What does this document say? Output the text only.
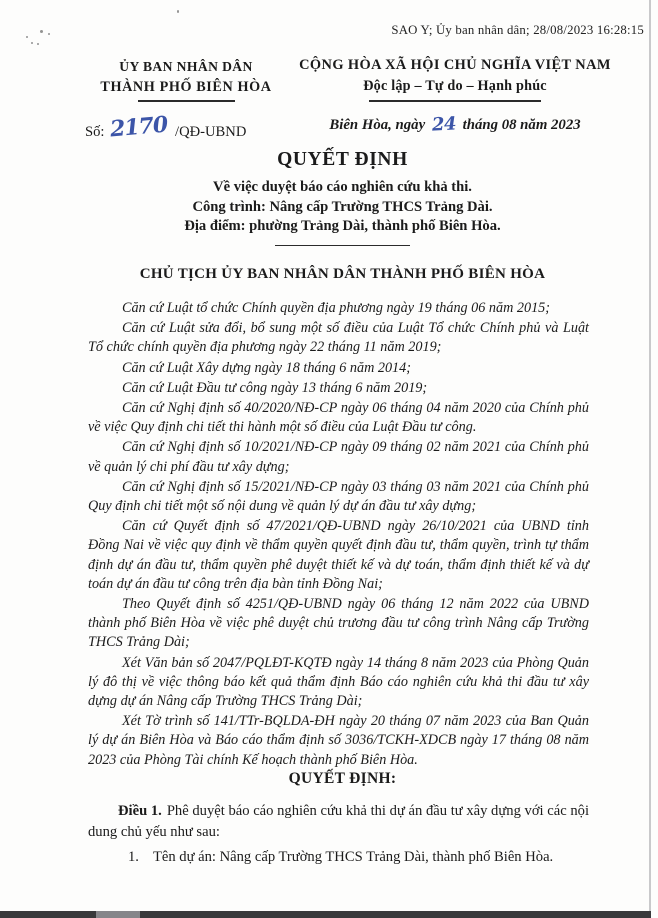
SAO Y; Ủy ban nhân dân; 28/08/2023 16:28:15
ỦY BAN NHÂN DÂN
THÀNH PHỐ BIÊN HÒA
CỘNG HÒA XÃ HỘI CHỦ NGHĨA VIỆT NAM
Độc lập – Tự do – Hạnh phúc
Số: 2170 /QĐ-UBND	Biên Hòa, ngày 24 tháng 08 năm 2023
QUYẾT ĐỊNH
Về việc duyệt báo cáo nghiên cứu khả thi.
Công trình: Nâng cấp Trường THCS Trảng Dài.
Địa điểm: phường Trảng Dài, thành phố Biên Hòa.
CHỦ TỊCH ỦY BAN NHÂN DÂN THÀNH PHỐ BIÊN HÒA

Căn cứ Luật tổ chức Chính quyền địa phương ngày 19 tháng 06 năm 2015;

Căn cứ Luật sửa đổi, bổ sung một số điều của Luật Tổ chức Chính phủ và Luật Tổ chức chính quyền địa phương ngày 22 tháng 11 năm 2019;

Căn cứ Luật Xây dựng ngày 18 tháng 6 năm 2014;

Căn cứ Luật Đầu tư công ngày 13 tháng 6 năm 2019;

Căn cứ Nghị định số 40/2020/NĐ-CP ngày 06 tháng 04 năm 2020 của Chính phủ về việc Quy định chi tiết thi hành một số điều của Luật Đầu tư công.

Căn cứ Nghị định số 10/2021/NĐ-CP ngày 09 tháng 02 năm 2021 của Chính phủ về quản lý chi phí đầu tư xây dựng;

Căn cứ Nghị định số 15/2021/NĐ-CP ngày 03 tháng 03 năm 2021 của Chính phủ Quy định chi tiết một số nội dung về quản lý dự án đầu tư xây dựng;

Căn cứ Quyết định số 47/2021/QĐ-UBND ngày 26/10/2021 của UBND tỉnh Đồng Nai về việc quy định về thẩm quyền quyết định đầu tư, thẩm quyền, trình tự thẩm định dự án đầu tư, thẩm quyền phê duyệt thiết kế và dự toán, thẩm định thiết kế và dự toán dự án đầu tư công trên địa bàn tỉnh Đồng Nai;

Theo Quyết định số 4251/QĐ-UBND ngày 06 tháng 12 năm 2022 của UBND thành phố Biên Hòa về việc phê duyệt chủ trương đầu tư công trình Nâng cấp Trường THCS Trảng Dài;

Xét Văn bản số 2047/PQLĐT-KQTĐ ngày 14 tháng 8 năm 2023 của Phòng Quản lý đô thị về việc thông báo kết quả thẩm định Báo cáo nghiên cứu khả thi đầu tư xây dựng dự án Nâng cấp Trường THCS Trảng Dài;

Xét Tờ trình số 141/TTr-BQLDA-ĐH ngày 20 tháng 07 năm 2023 của Ban Quản lý dự án Biên Hòa và Báo cáo thẩm định số 3036/TCKH-XDCB ngày 17 tháng 08 năm 2023 của Phòng Tài chính Kế hoạch thành phố Biên Hòa.

QUYẾT ĐỊNH:

Điều 1. Phê duyệt báo cáo nghiên cứu khả thi dự án đầu tư xây dựng với các nội dung chủ yếu như sau:

1. Tên dự án: Nâng cấp Trường THCS Trảng Dài, thành phố Biên Hòa.
